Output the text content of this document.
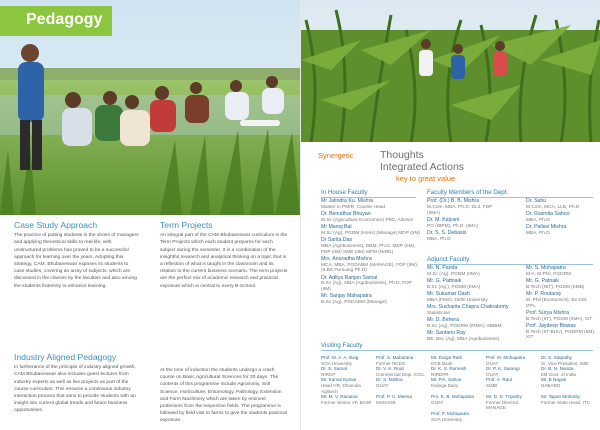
Pedagogy
Case Study Approach
The practice of putting students in the shoes of managers and applying theoretical skills to real life, with unstructured problems has proved to be a successful approach for learning over the years. Adopting this strategy, CAM, Bhubaneswar exposes its students to case studies, covering an array of subjects, which are discussed in the classes by the faculties and also among the students fraternity to enhance learning.
Term Projects
An integral part of the CAM Bhubaneswar curriculum is the Term Projects which each student prepares for each subject during the semester. It is a combination of the insightful research and analytical thinking on a topic that is a reflection of what is taught in the classroom and its relation to the current business scenario. The term projects are the perfect mix of academic research and practical exposure which is central to every B-School.
Industry Aligned Pedagogy
In furtherance of the principle of industry aligned growth, CAM Bhubaneswar also includes guest lectures from industry experts as well as live projects as part of the course curriculum. This ensures a continuous industry interaction process that aims to provide students with an insight into current global trends and future business opportunities.
At the time of induction the students undergo a crash course on Basic Agricultural Sciences for 20 days. The contents of this programme include Agronomy, Soil Science, Horticulture, Entomology, Pathology, Extension and Farm Machinery which are taken by eminent professors from the respective fields. The programme is followed by field visit to farms to give the students practical exposure.
Synergetic	Thoughts
Integrated Actions
key to great value
In House Faculty
Mr Jatindra Ku. Mishra
Master in PMIR, Course Head
Dr. Benudhar Bhuyan
M.Sc (Agriculture Economics) PhD, Advisor
Mr Manoj Bal
M.Sc (Ag), PGDM (Hons) (Manage) MDP (IIM)
Dr Sarita Das
MBA (Agribusiness), DBM, Ph.D, MDP (IIM), FDP (IIM) SME (IIM) MFM (NIRD)
Mrs. Anuradha Mishra
MCA, MBA, PGDABM (MANAGE), FDP (IIM), (ILBS Pursuing Ph.D)
Dr. Aditya Ranjan Samal
B.Sc (Ag), MBA (Agribusiness), Ph.D, FDP (IIM)
Mr. Sanjay Mahapatra
B.Sc (Ag), PGDABM (Manage)
Faculty Members of the Dept.
Prof. (Dr.) B. B. Mishra
M.Com, MBA, Ph.D, DLit, FDP (IIMA)
Dr. M. Kalyani
PG (IBPM), Ph.D. (IMA)
Dr. S. S. Debasis
MBA, Ph.D
Dr. Sahu
M.Com, MCA, LLB, Ph.D
Dr. Rasmita Sahoo
MBA, Ph.D
Dr. Pallavi Mishra
MBA, Ph.D
Adjunct Faculty
Mr. N. Panda
M.Sc (Ag), PGDM (IIMA)
Mr. G. Pattnaik
B.Sc (Ag.), PGDM (IIMA)
Mr. Sukumar Dash
MBA (FMS), Delhi University
Mrs. Sucharita Chapra Chakraborty
Statistician
Mr. D. Behera
B.Sc (Ag), PGDRM (IRMA), MBBM
Mr. Santanu Ray
BE, Bsc (Ag), MBA (Agribusiness)
Mr. S. Mohapatra
M.A, M.Phil, PGDRM
Mr. G. Patnaik
B.Tech (NIT), PGDM (IIMB)
Mr. P. Routaray
M. Phil (Economics), Ex-CM, IFFL
Prof. Surya Mishra
B.Tech (IIT), PGDM (IIMA), XIT
Prof. Jaydeep Biswas
B.Tech (IIT-BHU), PGDRM (IIM), XIT
Visiting Faculty
Prof. M. A. A. Baig
SOA University
Prof. S. Maharana
Former NCDS
Mr. Durga Rath
DCB Bank
Prof. M. Mohapatra
OUAT
Dr. S. Satpathy
Sr. Vice President, IMB
Dr. S. Samal
NIRCP
Dr. V. K. Rout
Commercial Dept. IOCL
Dr. K. S. Ramesh
NIRDPR
Dr. P. K. Sarangi
OUAT
Dr. B. N. Nanda
IIM Govt. of India
Mr. Kamal Kumar
Head HR, Dhanuka Agritech
Dr. S. Mishra
OUAT
Mr. P.K. Sahoo
Kalinga Dairy
Prof. A. Raut
XIMB
Mr. B Nayak
NABARD
Mr. M. V. Ramana
Former Senior VP, BASF
Prof. P. C. Meena
MANAGE
Pro. K. B. Mohapatra
OUAT
Mr. D. D. Tripathy
Former Director, MANAGE
Mr. Tapan Mohanty
Former State Head, ITC
Prof. P. Mohapatra
SOA University
